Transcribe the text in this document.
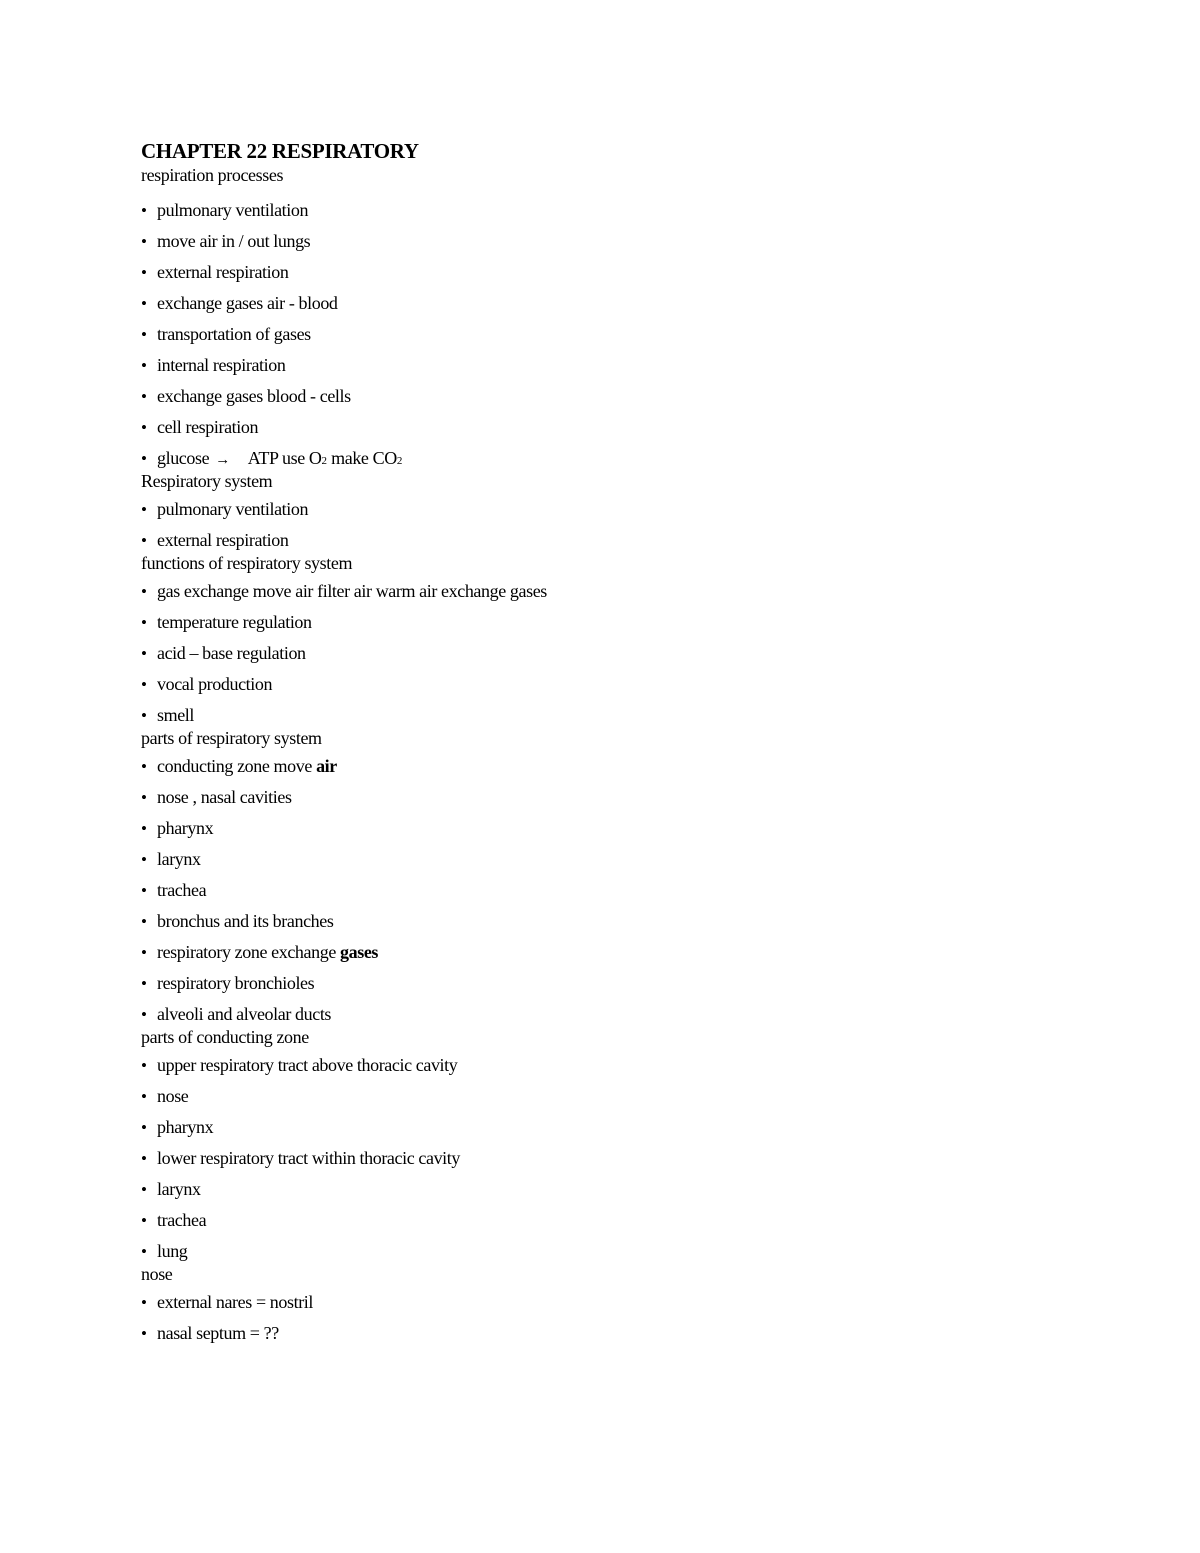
CHAPTER 22 RESPIRATORY
respiration processes
• pulmonary ventilation
• move air in / out lungs
• external respiration
• exchange gases air - blood
• transportation of gases
• internal respiration
• exchange gases blood - cells
• cell respiration
• glucose → ATP use O 2 make CO 2
Respiratory system
• pulmonary ventilation
• external respiration
functions of respiratory system
• gas exchange move air filter air warm air exchange gases
• temperature regulation
• acid – base regulation
• vocal production
• smell
parts of respiratory system
• conducting zone move air
• nose , nasal cavities
• pharynx
• larynx
• trachea
• bronchus and its branches
• respiratory zone exchange gases
• respiratory bronchioles
• alveoli and alveolar ducts
parts of conducting zone
• upper respiratory tract above thoracic cavity
• nose
• pharynx
• lower respiratory tract within thoracic cavity
• larynx
• trachea
• lung
nose
• external nares = nostril
• nasal septum = ??
